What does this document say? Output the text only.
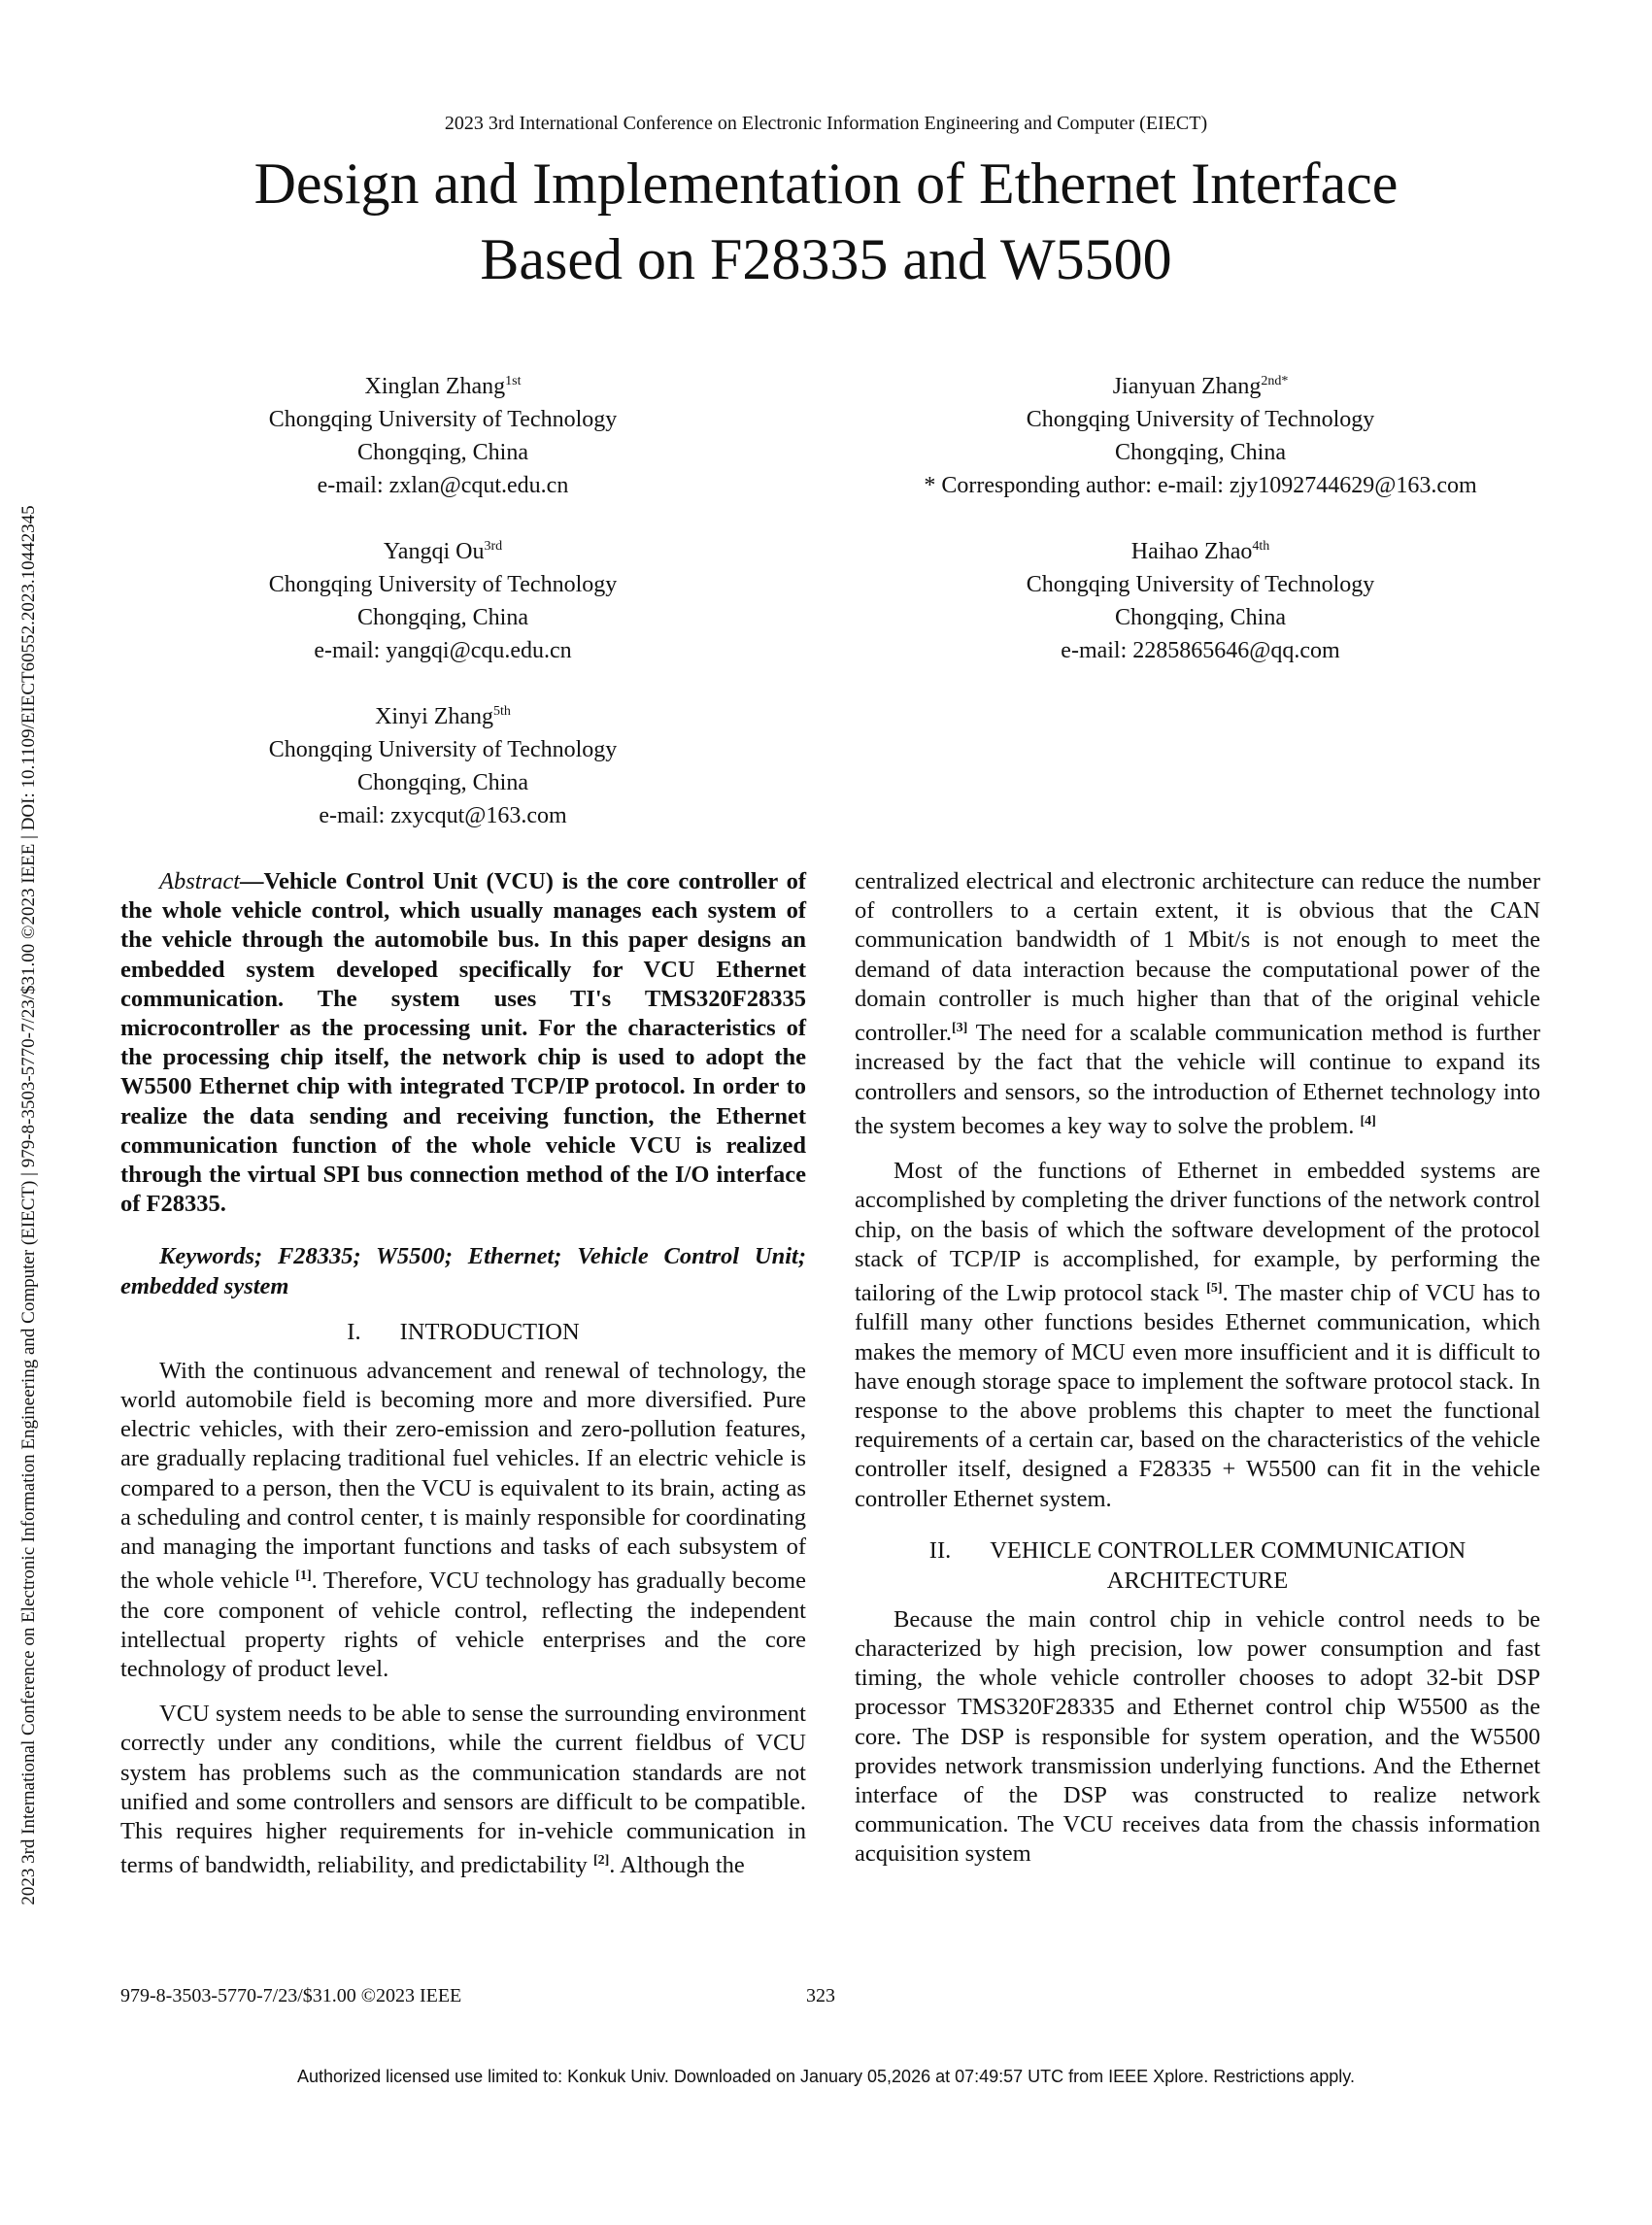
2023 3rd International Conference on Electronic Information Engineering and Computer (EIECT)
Design and Implementation of Ethernet Interface
Based on F28335 and W5500
2023 3rd International Conference on Electronic Information Engineering and Computer (EIECT) | 979-8-3503-5770-7/23/$31.00 ©2023 IEEE | DOI: 10.1109/EIECT60552.2023.10442345
Xinglan Zhang$^{1st}$
Chongqing University of Technology
Chongqing, China
e-mail: zxlan@cqut.edu.cn
Jianyuan Zhang$^{2nd*}$
Chongqing University of Technology
Chongqing, China
* Corresponding author: e-mail: zjy1092744629@163.com
Yangqi $Ou^{3rd}$
Chongqing University of Technology
Chongqing, China
e-mail: yangqi@cqu.edu.cn
Haihao Zhao$^{4th}$
Chongqing University of Technology
Chongqing, China
e-mail: 2285865646@qq.com
Xinyi Zhang$^{5th}$
Chongqing University of Technology
Chongqing, China
e-mail: zxycqut@163.com

Abstract—Vehicle Control Unit (VCU) is the core controller of the whole vehicle control, which usually manages each system of the vehicle through the automobile bus. In this paper designs an embedded system developed specifically for VCU Ethernet communication. The system uses TI's TMS320F28335 microcontroller as the processing unit. For the characteristics of the processing chip itself, the network chip is used to adopt the W5500 Ethernet chip with integrated TCP/IP protocol. In order to realize the data sending and receiving function, the Ethernet communication function of the whole vehicle VCU is realized through the virtual SPI bus connection method of the I/O interface of F28335.

Keywords; F28335; W5500; Ethernet; Vehicle Control Unit; embedded system

I. INTRODUCTION

With the continuous advancement and renewal of technology, the world automobile field is becoming more and more diversified. Pure electric vehicles, with their zero-emission and zero-pollution features, are gradually replacing traditional fuel vehicles. If an electric vehicle is compared to a person, then the VCU is equivalent to its brain, acting as a scheduling and control center, t is mainly responsible for coordinating and managing the important functions and tasks of each subsystem of the whole vehicle [1]. Therefore, VCU technology has gradually become the core component of vehicle control, reflecting the independent intellectual property rights of vehicle enterprises and the core technology of product level.

VCU system needs to be able to sense the surrounding environment correctly under any conditions, while the current fieldbus of VCU system has problems such as the communication standards are not unified and some controllers and sensors are difficult to be compatible. This requires higher requirements for in-vehicle communication in terms of bandwidth, reliability, and predictability [2]. Although the

centralized electrical and electronic architecture can reduce the number of controllers to a certain extent, it is obvious that the CAN communication bandwidth of 1 Mbit/s is not enough to meet the demand of data interaction because the computational power of the domain controller is much higher than that of the original vehicle controller.[3] The need for a scalable communication method is further increased by the fact that the vehicle will continue to expand its controllers and sensors, so the introduction of Ethernet technology into the system becomes a key way to solve the problem. [4]

Most of the functions of Ethernet in embedded systems are accomplished by completing the driver functions of the network control chip, on the basis of which the software development of the protocol stack of TCP/IP is accomplished, for example, by performing the tailoring of the Lwip protocol stack [5]. The master chip of VCU has to fulfill many other functions besides Ethernet communication, which makes the memory of MCU even more insufficient and it is difficult to have enough storage space to implement the software protocol stack. In response to the above problems this chapter to meet the functional requirements of a certain car, based on the characteristics of the vehicle controller itself, designed a F28335 + W5500 can fit in the vehicle controller Ethernet system.

II. VEHICLE CONTROLLER COMMUNICATION
ARCHITECTURE

Because the main control chip in vehicle control needs to be characterized by high precision, low power consumption and fast timing, the whole vehicle controller chooses to adopt 32-bit DSP processor TMS320F28335 and Ethernet control chip W5500 as the core. The DSP is responsible for system operation, and the W5500 provides network transmission underlying functions. And the Ethernet interface of the DSP was constructed to realize network communication. The VCU receives data from the chassis information acquisition system

979-8-3503-5770-7/23/$31.00 ©2023 IEEE	323
Authorized licensed use limited to: Konkuk Univ. Downloaded on January 05,2026 at 07:49:57 UTC from IEEE Xplore. Restrictions apply.
